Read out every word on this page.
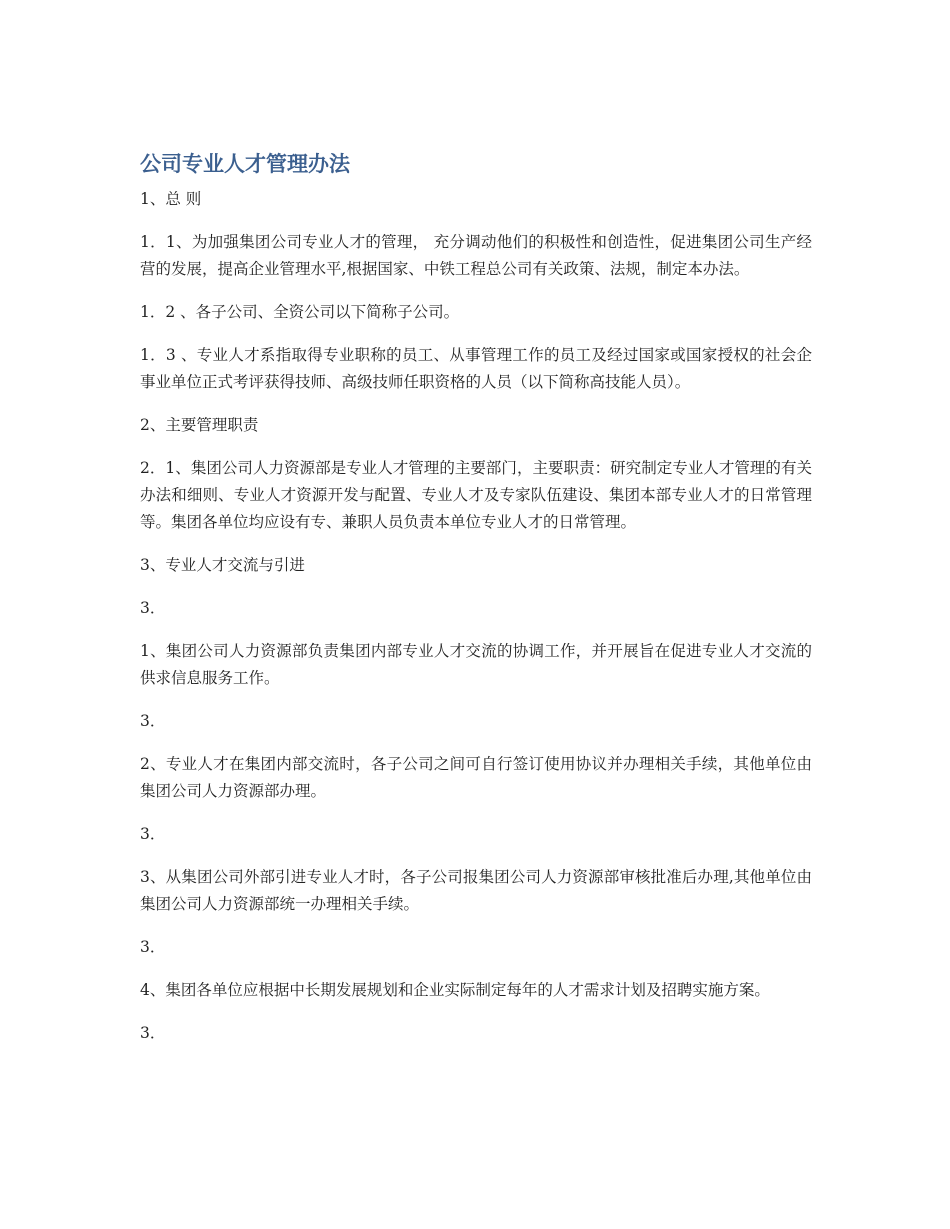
公司专业人才管理办法

1、总 则

1．1、为加强集团公司专业人才的管理， 充分调动他们的积极性和创造性，促进集团公司生产经营的发展，提高企业管理水平,根据国家、中铁工程总公司有关政策、法规，制定本办法。

1．2 、各子公司、全资公司以下简称子公司。

1．3 、专业人才系指取得专业职称的员工、从事管理工作的员工及经过国家或国家授权的社会企事业单位正式考评获得技师、高级技师任职资格的人员（以下简称高技能人员）。

2、主要管理职责

2．1、集团公司人力资源部是专业人才管理的主要部门，主要职责：研究制定专业人才管理的有关办法和细则、专业人才资源开发与配置、专业人才及专家队伍建设、集团本部专业人才的日常管理等。集团各单位均应设有专、兼职人员负责本单位专业人才的日常管理。

3、专业人才交流与引进

3．

1、集团公司人力资源部负责集团内部专业人才交流的协调工作，并开展旨在促进专业人才交流的供求信息服务工作。

3．

2、专业人才在集团内部交流时，各子公司之间可自行签订使用协议并办理相关手续，其他单位由集团公司人力资源部办理。

3．

3、从集团公司外部引进专业人才时，各子公司报集团公司人力资源部审核批准后办理,其他单位由集团公司人力资源部统一办理相关手续。

3．

4、集团各单位应根据中长期发展规划和企业实际制定每年的人才需求计划及招聘实施方案。

3．
